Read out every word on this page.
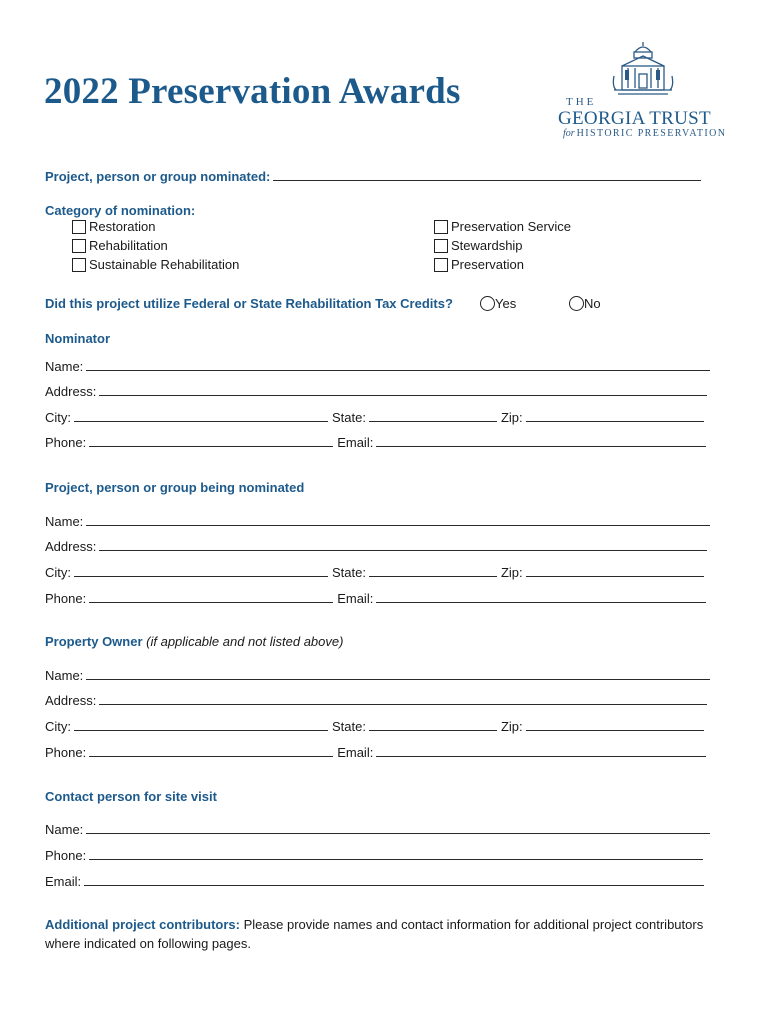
2022 Preservation Awards	THE
GEORGIA TRUST
for HISTORIC PRESERVATION
Project, person or group nominated:
Category of nomination:
Restoration
Rehabilitation
Sustainable Rehabilitation
Preservation Service
Stewardship
Preservation
Did this project utilize Federal or State Rehabilitation Tax Credits?	Yes	No
Nominator
Name:
Address:
City:	State:	Zip:
Phone:	Email:
Project, person or group being nominated
Name:
Address:
City:	State:	Zip:
Phone:	Email:
Property Owner (if applicable and not listed above)
Name:
Address:
City:	State:	Zip:
Phone:	Email:
Contact person for site visit
Name:
Phone:
Email:
Additional project contributors: Please provide names and contact information for additional project contributors where indicated on following pages.
